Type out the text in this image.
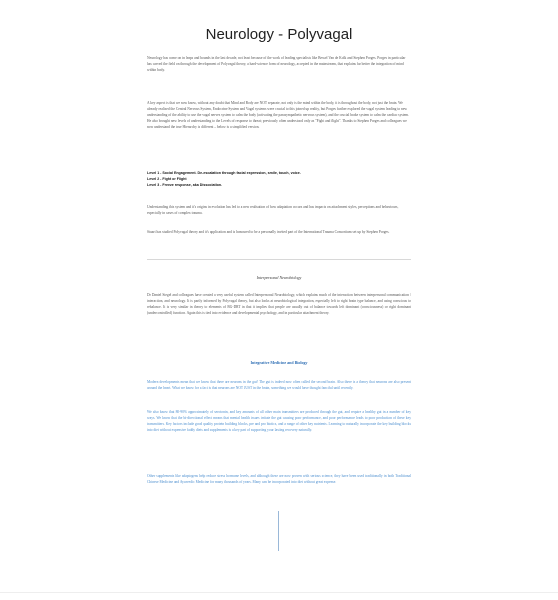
Neurology - Polyvagal

Neurology has come on in leaps and bounds in the last decade, not least because of the work of leading specialists like Bessel Van de Kolk and Stephen Porges. Porges in particular has carved the field on through the development of Polyvagal theory, a hard-science form of neurology, accepted in the mainstream, that explains far better the integration of mind within body.

A key aspect is that we now know, without any doubt that Mind and Body are NOT separate, not only is the mind within the body, it is throughout the body, not just the brain. We already realised the Central Nervous System, Endocrine System and Vagal systems were crucial to this joined up reality, but Porges further explored the vagal system leading to new understanding of the ability to use the vagal nerves system to calm the body (activating the parasympathetic nervous system), and the crucial brake system to calm the cardiac system. He also brought new levels of understanding to the Levels of response to threat; previously often understood only as "Fight and flight". Thanks to Stephen Porges and colleagues we now understand the true Hierarchy is different – below is a simplified version.

Level 1 - Social Engagement. De-escalation through facial expression, smile, touch, voice.

Level 2 - Fight or Flight

Level 3 - Freeze response, aka Dissociation.

Understanding this system and it's origins in evolution has led to a new realisation of how adaptation occurs and has impacts on attachment styles, perceptions and behaviours, especially in cases of complex trauma.

Stuart has studied Polyvagal theory and it's application and is honoured to be a personally invited part of the International Trauma Consortium set up by Stephen Porges.

Interpersonal Neurobiology

Dr Daniel Siegel and colleagues have created a very useful system called Interpersonal Neurobiology, which explains much of the interaction between interpersonal communication / interaction, and neurology. It is partly informed by Polyvagal theory, but also looks at neurobiological integration, especially left to right brain type balance, and using conscious to rebalance. It is very similar in theory to elements of BG-DRT in that it implies that people are usually out of balance towards left dominant (consciousness) or right dominant (undercontrolled) function. Again this is tied into evidence and developmental psychology, and in particular attachment theory.

Integrative Medicine and Biology

Modern developments mean that we know that there are neurons in the gut! The gut is indeed now often called the second brain. Also there is a theory that neurons are also present around the heart. What we know for a fact is that neurons are NOT JUST in the brain, something we would have thought fanciful until recently.

We also know that 80-90% approximately of serotonin, and key amounts of all other main transmitters are produced through the gut, and require a healthy gut in a number of key ways. We know that the bi-directional effect means that mental health issues irritate the gut causing poor performance, and poor performance leads to poor production of these key transmitters. Key factors include good quality protein building blocks, pre and pro biotics, and a range of other key nutrients. Learning to naturally incorporate the key building blocks into diet without expensive faddy diets and supplements is a key part of supporting your lasting recovery naturally.

Other supplements like adaptogens help reduce stress hormone levels, and although these are now proven with serious science, they have been used traditionally in both Traditional Chinese Medicine and Ayurvedic Medicine for many thousands of years. Many can be incorporated into diet without great expense.
